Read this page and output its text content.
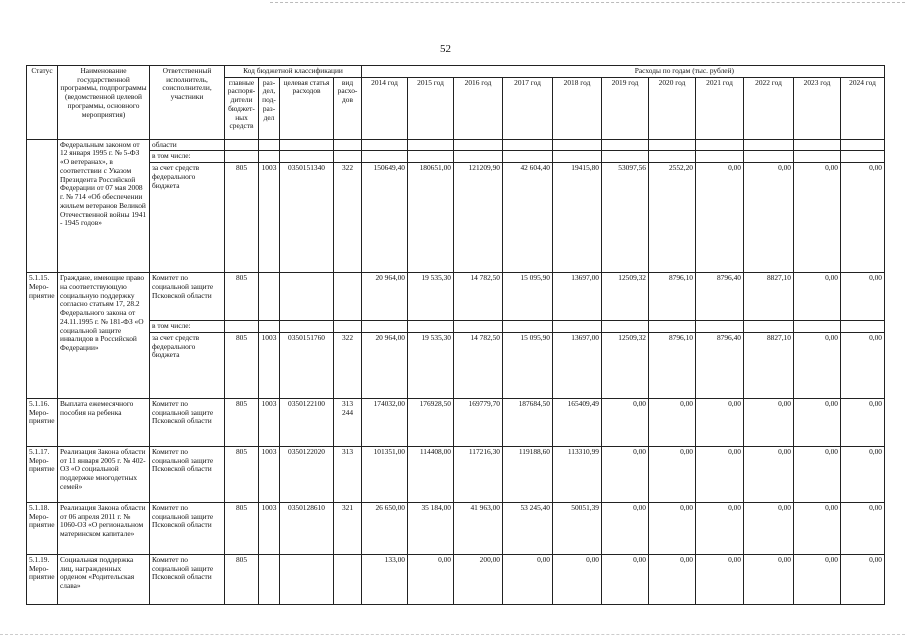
52
Статус	Наименование государственной программы, подпрограммы (ведомственной целевой программы, основного мероприятия)	Ответственный исполнитель, соисполнители, участники	Код бюджетной классификации				Расходы по годам (тыс. рублей)										
			главные распоря-дители бюджет-ных средств	раз-дел, под-раз-дел	целевая статья расходов	вид расхо-дов	2014 год	2015 год	2016 год	2017 год	2018 год	2019 год	2020 год	2021 год	2022 год	2023 год	2024 год
	Федеральным законом от 12 января 1995 г. № 5-ФЗ «О ветеранах», в соответствии с Указом Президента Российской Федерации от 07 мая 2008 г. № 714 «Об обеспечении жильем ветеранов Великой Отечественной войны 1941 - 1945 годов»	области															
		в том числе:															
		за счет средств федерального бюджета	805	1003	0350151340	322	150649,40	180651,00	121209,90	42 604,40	19415,80	53097,56	2552,20	0,00	0,00	0,00	0,00
5.1.15. Меро-приятие	Граждане, имеющие право на соответствующую социальную поддержку согласно статьям 17, 28.2 Федерального закона от 24.11.1995 г. № 181-ФЗ «О социальной защите инвалидов в Российской Федерации»	Комитет по социальной защите Псковской области	805				20 964,00	19 535,30	14 782,50	15 095,90	13697,00	12509,32	8796,10	8796,40	8827,10	0,00	0,00
		в том числе:															
		за счет средств федерального бюджета	805	1003	0350151760	322	20 964,00	19 535,30	14 782,50	15 095,90	13697,00	12509,32	8796,10	8796,40	8827,10	0,00	0,00
5.1.16. Меро-приятие	Выплата ежемесячного пособия на ребенка	Комитет по социальной защите Псковской области	805	1003	0350122100	313 244	174032,00	176928,50	169779,70	187684,50	165409,49	0,00	0,00	0,00	0,00	0,00	0,00
5.1.17. Меро-приятие	Реализация Закона области от 11 января 2005 г. № 402-ОЗ «О социальной поддержке многодетных семей»	Комитет по социальной защите Псковской области	805	1003	0350122020	313	101351,00	114408,00	117216,30	119188,60	113310,99	0,00	0,00	0,00	0,00	0,00	0,00
5.1.18. Меро-приятие	Реализация Закона области от 06 апреля 2011 г. № 1060-ОЗ «О региональном материнском капитале»	Комитет по социальной защите Псковской области	805	1003	0350128610	321	26 650,00	35 184,00	41 963,00	53 245,40	50051,39	0,00	0,00	0,00	0,00	0,00	0,00
5.1.19. Меро-приятие	Социальная поддержка лиц, награжденных орденом «Родительская слава»	Комитет по социальной защите Псковской области	805				133,00	0,00	200,00	0,00	0,00	0,00	0,00	0,00	0,00	0,00	0,00
